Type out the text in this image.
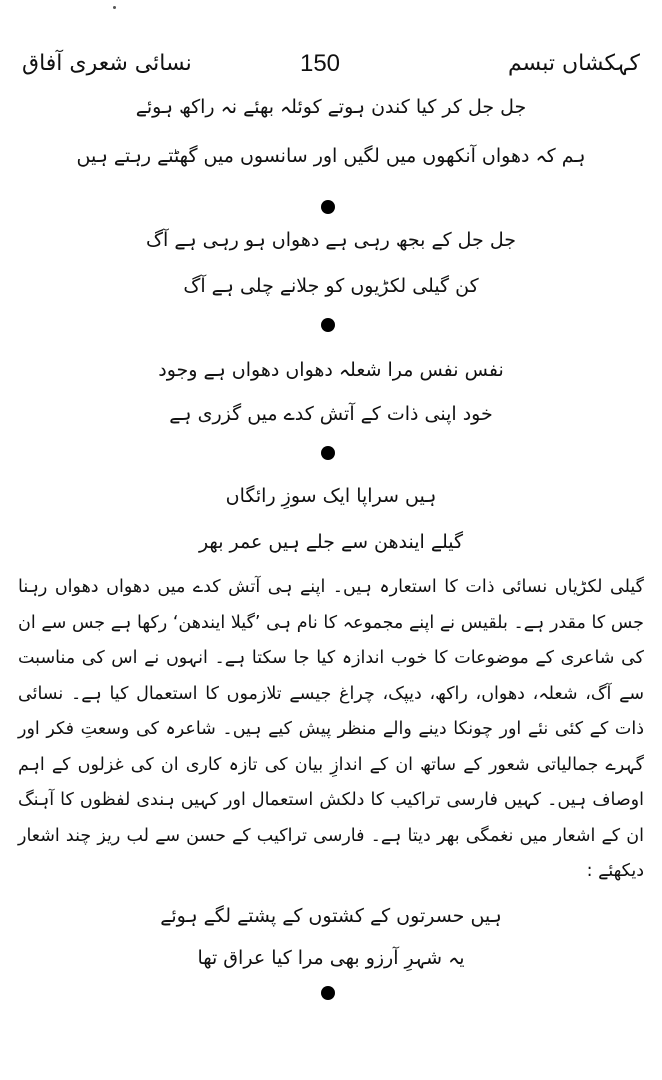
نسائی شعری آفاق	150	کہکشاں تبسم
جل جل کر کیا کندن ہوتے کوئلہ بھئے نہ راکھ ہوئے
ہم کہ دھواں آنکھوں میں لگیں اور سانسوں میں گھٹتے رہتے ہیں
جل جل کے بجھ رہی ہے دھواں ہو رہی ہے آگ
کن گیلی لکڑیوں کو جلانے چلی ہے آگ
نفس نفس مرا شعلہ دھواں دھواں ہے وجود
خود اپنی ذات کے آتش کدے میں گزری ہے
ہیں سراپا ایک سوزِ رائگاں
گیلے ایندھن سے جلے ہیں عمر بھر

گیلی لکڑیاں نسائی ذات کا استعارہ ہیں۔ اپنے ہی آتش کدے میں دھواں دھواں رہنا جس کا مقدر ہے۔ بلقیس نے اپنے مجموعہ کا نام ہی ’گیلا ایندھن‘ رکھا ہے جس سے ان کی شاعری کے موضوعات کا خوب اندازہ کیا جا سکتا ہے۔ انہوں نے اس کی مناسبت سے آگ، شعلہ، دھواں، راکھ، دیپک، چراغ جیسے تلازموں کا استعمال کیا ہے۔ نسائی ذات کے کئی نئے اور چونکا دینے والے منظر پیش کیے ہیں۔ شاعرہ کی وسعتِ فکر اور گہرے جمالیاتی شعور کے ساتھ ان کے اندازِ بیان کی تازہ کاری ان کی غزلوں کے اہم اوصاف ہیں۔ کہیں فارسی تراکیب کا دلکش استعمال اور کہیں ہندی لفظوں کا آہنگ ان کے اشعار میں نغمگی بھر دیتا ہے۔ فارسی تراکیب کے حسن سے لب ریز چند اشعار دیکھئے :

ہیں حسرتوں کے کشتوں کے پشتے لگے ہوئے
یہ شہرِ آرزو بھی مرا کیا عراق تھا
